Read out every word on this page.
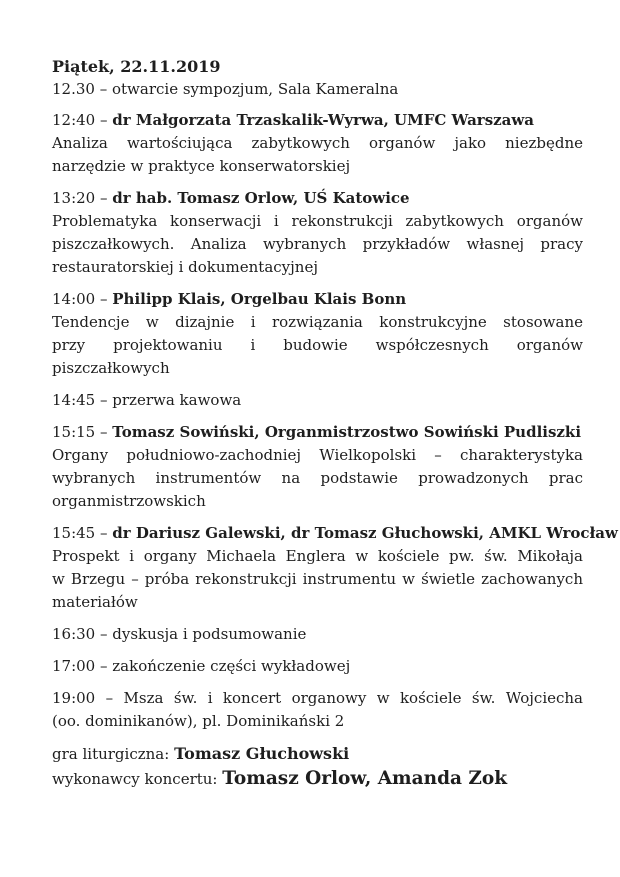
Piątek, 22.11.2019
12.30 – otwarcie sympozjum, Sala Kameralna
12:40 – dr Małgorzata Trzaskalik-Wyrwa, UMFC Warszawa
Analiza wartościująca zabytkowych organów jako niezbędne narzędzie w praktyce konserwatorskiej
13:20 – dr hab. Tomasz Orlow, UŚ Katowice
Problematyka konserwacji i rekonstrukcji zabytkowych organów piszczałkowych. Analiza wybranych przykładów własnej pracy restauratorskiej i dokumentacyjnej
14:00 – Philipp Klais, Orgelbau Klais Bonn
Tendencje w dizajnie i rozwiązania konstrukcyjne stosowane przy projektowaniu i budowie współczesnych organów piszczałkowych
14:45 – przerwa kawowa
15:15 – Tomasz Sowiński, Organmistrzostwo Sowiński Pudliszki
Organy południowo-zachodniej Wielkopolski – charakterystyka wybranych instrumentów na podstawie prowadzonych prac organmistrzowskich
15:45 – dr Dariusz Galewski, dr Tomasz Głuchowski, AMKL Wrocław
Prospekt i organy Michaela Englera w kościele pw. św. Mikołaja w Brzegu – próba rekonstrukcji instrumentu w świetle zachowanych materiałów
16:30 – dyskusja i podsumowanie
17:00 – zakończenie części wykładowej
19:00 – Msza św. i koncert organowy w kościele św. Wojciecha (oo. dominikanów), pl. Dominikański 2
gra liturgiczna: Tomasz Głuchowski
wykonawcy koncertu: Tomasz Orlow, Amanda Zok
